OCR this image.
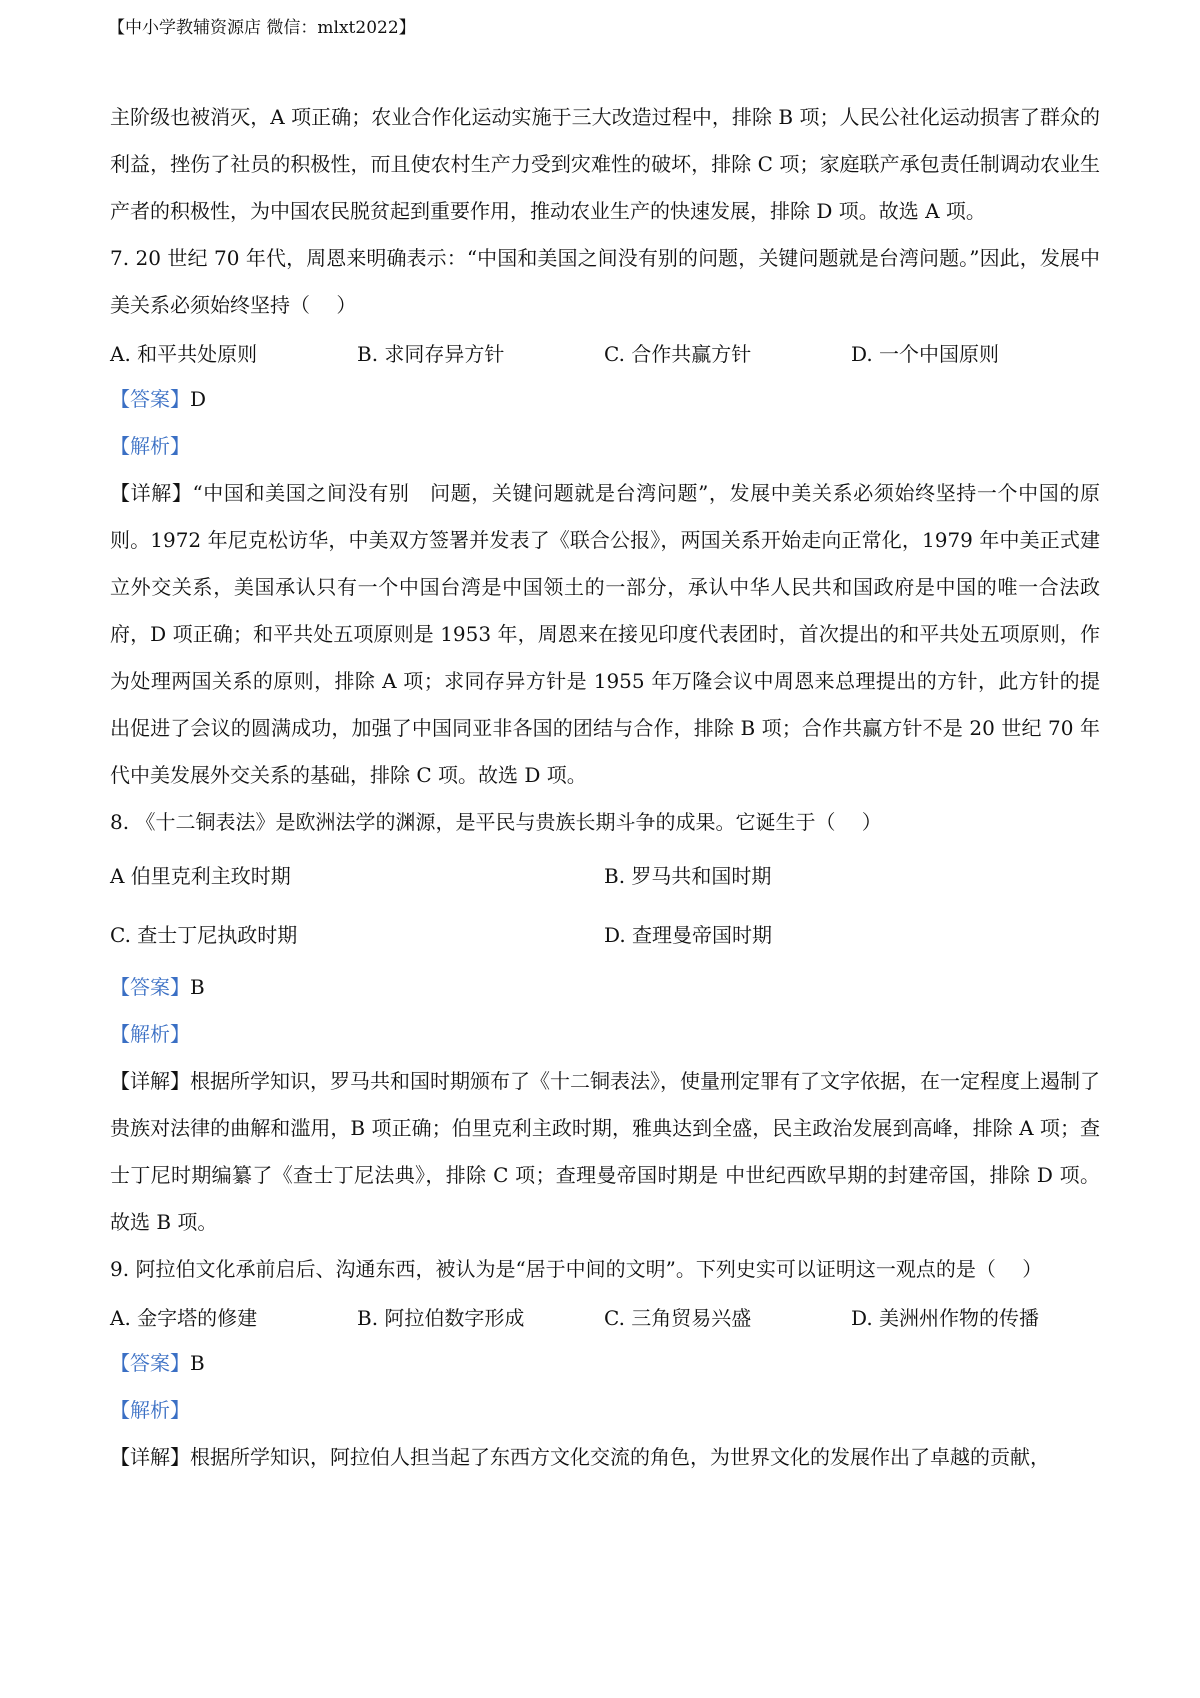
【中小学教辅资源店 微信：mlxt2022】

主阶级也被消灭，A 项正确；农业合作化运动实施于三大改造过程中，排除 B 项；人民公社化运动损害了群众的利益，挫伤了社员的积极性，而且使农村生产力受到灾难性的破坏，排除 C 项；家庭联产承包责任制调动农业生产者的积极性，为中国农民脱贫起到重要作用，推动农业生产的快速发展，排除 D 项。故选 A 项。

7. 20 世纪 70 年代，周恩来明确表示：“中国和美国之间没有别的问题，关键问题就是台湾问题。”因此，发展中美关系必须始终坚持（　 ）

A. 和平共处原则	B. 求同存异方针	C. 合作共赢方针	D. 一个中国原则
【答案】D
【解析】

【详解】“中国和美国之间没有别　问题，关键问题就是台湾问题”，发展中美关系必须始终坚持一个中国的原则。1972 年尼克松访华，中美双方签署并发表了《联合公报》，两国关系开始走向正常化，1979 年中美正式建立外交关系，美国承认只有一个中国台湾是中国领土的一部分，承认中华人民共和国政府是中国的唯一合法政府，D 项正确；和平共处五项原则是 1953 年，周恩来在接见印度代表团时，首次提出的和平共处五项原则，作为处理两国关系的原则，排除 A 项；求同存异方针是 1955 年万隆会议中周恩来总理提出的方针，此方针的提出促进了会议的圆满成功，加强了中国同亚非各国的团结与合作，排除 B 项；合作共赢方针不是 20 世纪 70 年代中美发展外交关系的基础，排除 C 项。故选 D 项。

8. 《十二铜表法》是欧洲法学的渊源，是平民与贵族长期斗争的成果。它诞生于（　 ）

A 伯里克利主玫时期	B. 罗马共和国时期
C. 查士丁尼执政时期	D. 查理曼帝国时期
【答案】B
【解析】

【详解】根据所学知识，罗马共和国时期颁布了《十二铜表法》，使量刑定罪有了文字依据，在一定程度上遏制了贵族对法律的曲解和滥用，B 项正确；伯里克利主政时期，雅典达到全盛，民主政治发展到高峰，排除 A 项；查士丁尼时期编纂了《查士丁尼法典》，排除 C 项；查理曼帝国时期是 中世纪西欧早期的封建帝国，排除 D 项。故选 B 项。

9. 阿拉伯文化承前启后、沟通东西，被认为是“居于中间的文明”。下列史实可以证明这一观点的是（　 ）

A. 金字塔的修建	B. 阿拉伯数字形成	C. 三角贸易兴盛	D. 美洲州作物的传播
【答案】B
【解析】

【详解】根据所学知识，阿拉伯人担当起了东西方文化交流的角色，为世界文化的发展作出了卓越的贡献，
